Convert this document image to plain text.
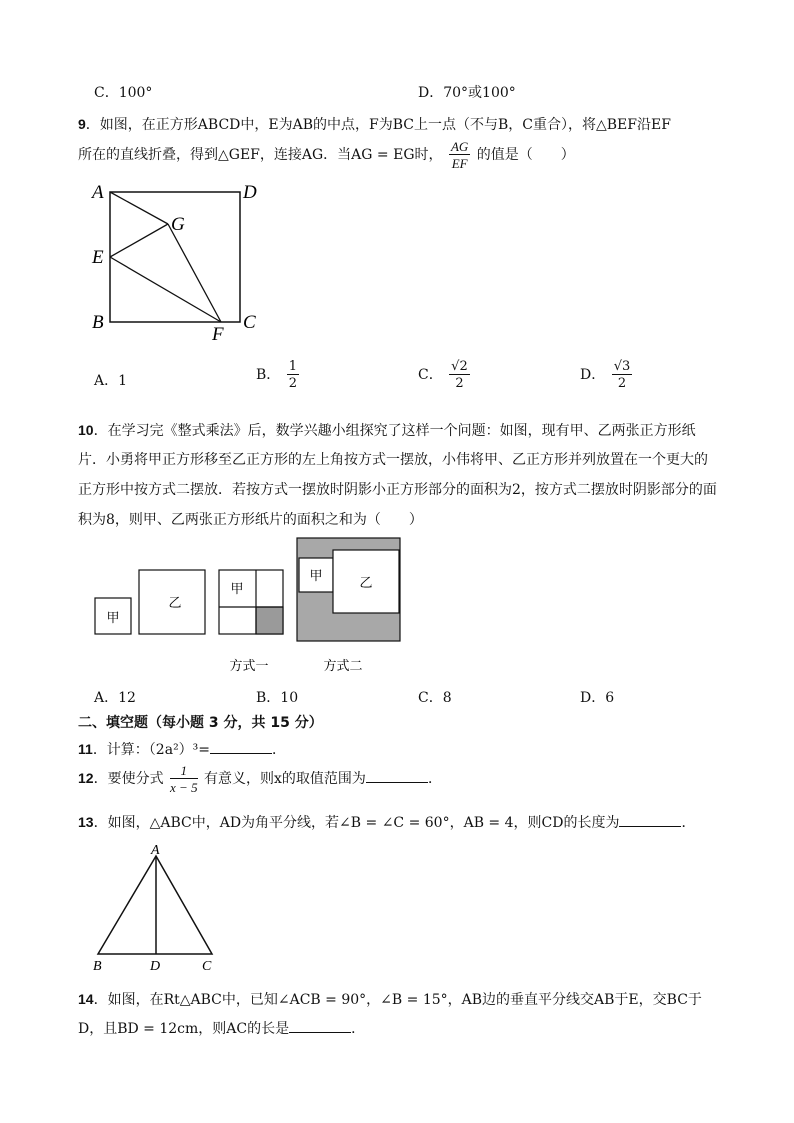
C．100°	D．70°或100°
9．如图，在正方形ABCD中，E为AB的中点，F为BC上一点（不与B，C重合），将△BEF沿EF
所在的直线折叠，得到△GEF，连接AG．当AG = EG时， $\frac{AG}{EF}$ 的值是（　　）
A	D
G
E
B
F
C
A．1	B． $\frac{1}{2}$	C． $\frac{√2}{2}$	D． $\frac{√3}{2}$
10．在学习完《整式乘法》后，数学兴趣小组探究了这样一个问题：如图，现有甲、乙两张正方形纸
片．小勇将甲正方形移至乙正方形的左上角按方式一摆放，小伟将甲、乙正方形并列放置在一个更大的
正方形中按方式二摆放．若按方式一摆放时阴影小正方形部分的面积为2，按方式二摆放时阴影部分的面
积为8，则甲、乙两张正方形纸片的面积之和为（　　）
甲
乙
甲
甲	乙
方式一	方式二
A．12	B．10	C．8	D．6
二、填空题（每小题 3 分，共 15 分）
11．计算：（2a²）³=	．
12．要使分式 $\frac{1}{x - 5}$ 有意义，则x的取值范围为	．
13．如图，△ABC中，AD为角平分线，若∠B = ∠C = 60°，AB = 4，则CD的长度为	．
A
B	D	C
14．如图，在Rt△ABC中，已知∠ACB = 90°，∠B = 15°，AB边的垂直平分线交AB于E，交BC于
D，且BD = 12cm，则AC的长是	．
